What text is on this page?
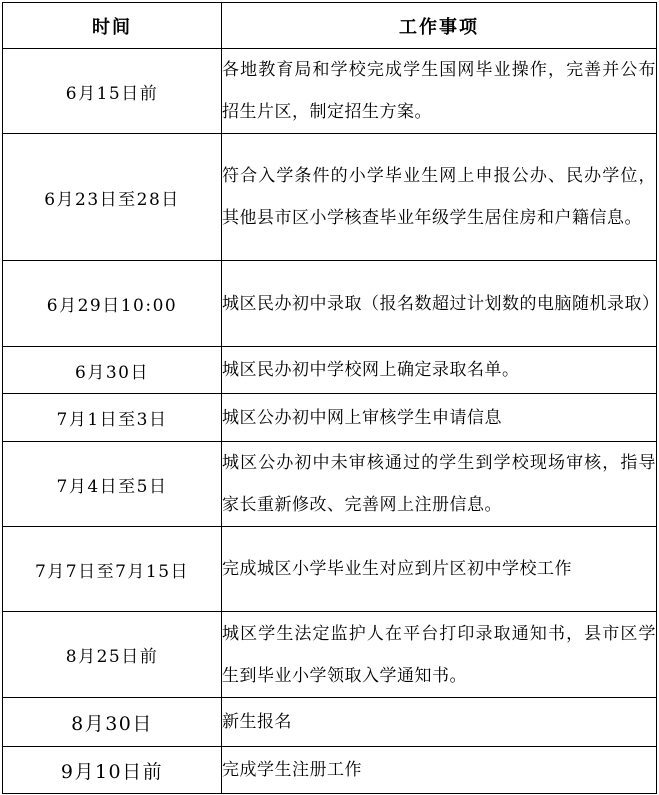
时间	工作事项
6月15日前	各地教育局和学校完成学生国网毕业操作，完善并公布招生片区，制定招生方案。
6月23日至28日	符合入学条件的小学毕业生网上申报公办、民办学位，其他县市区小学核查毕业年级学生居住房和户籍信息。
6月29日10:00	城区民办初中录取（报名数超过计划数的电脑随机录取）
6月30日	城区民办初中学校网上确定录取名单。
7月1日至3日	城区公办初中网上审核学生申请信息
7月4日至5日	城区公办初中未审核通过的学生到学校现场审核，指导家长重新修改、完善网上注册信息。
7月7日至7月15日	完成城区小学毕业生对应到片区初中学校工作
8月25日前	城区学生法定监护人在平台打印录取通知书，县市区学生到毕业小学领取入学通知书。
8月30日	新生报名
9月10日前	完成学生注册工作
